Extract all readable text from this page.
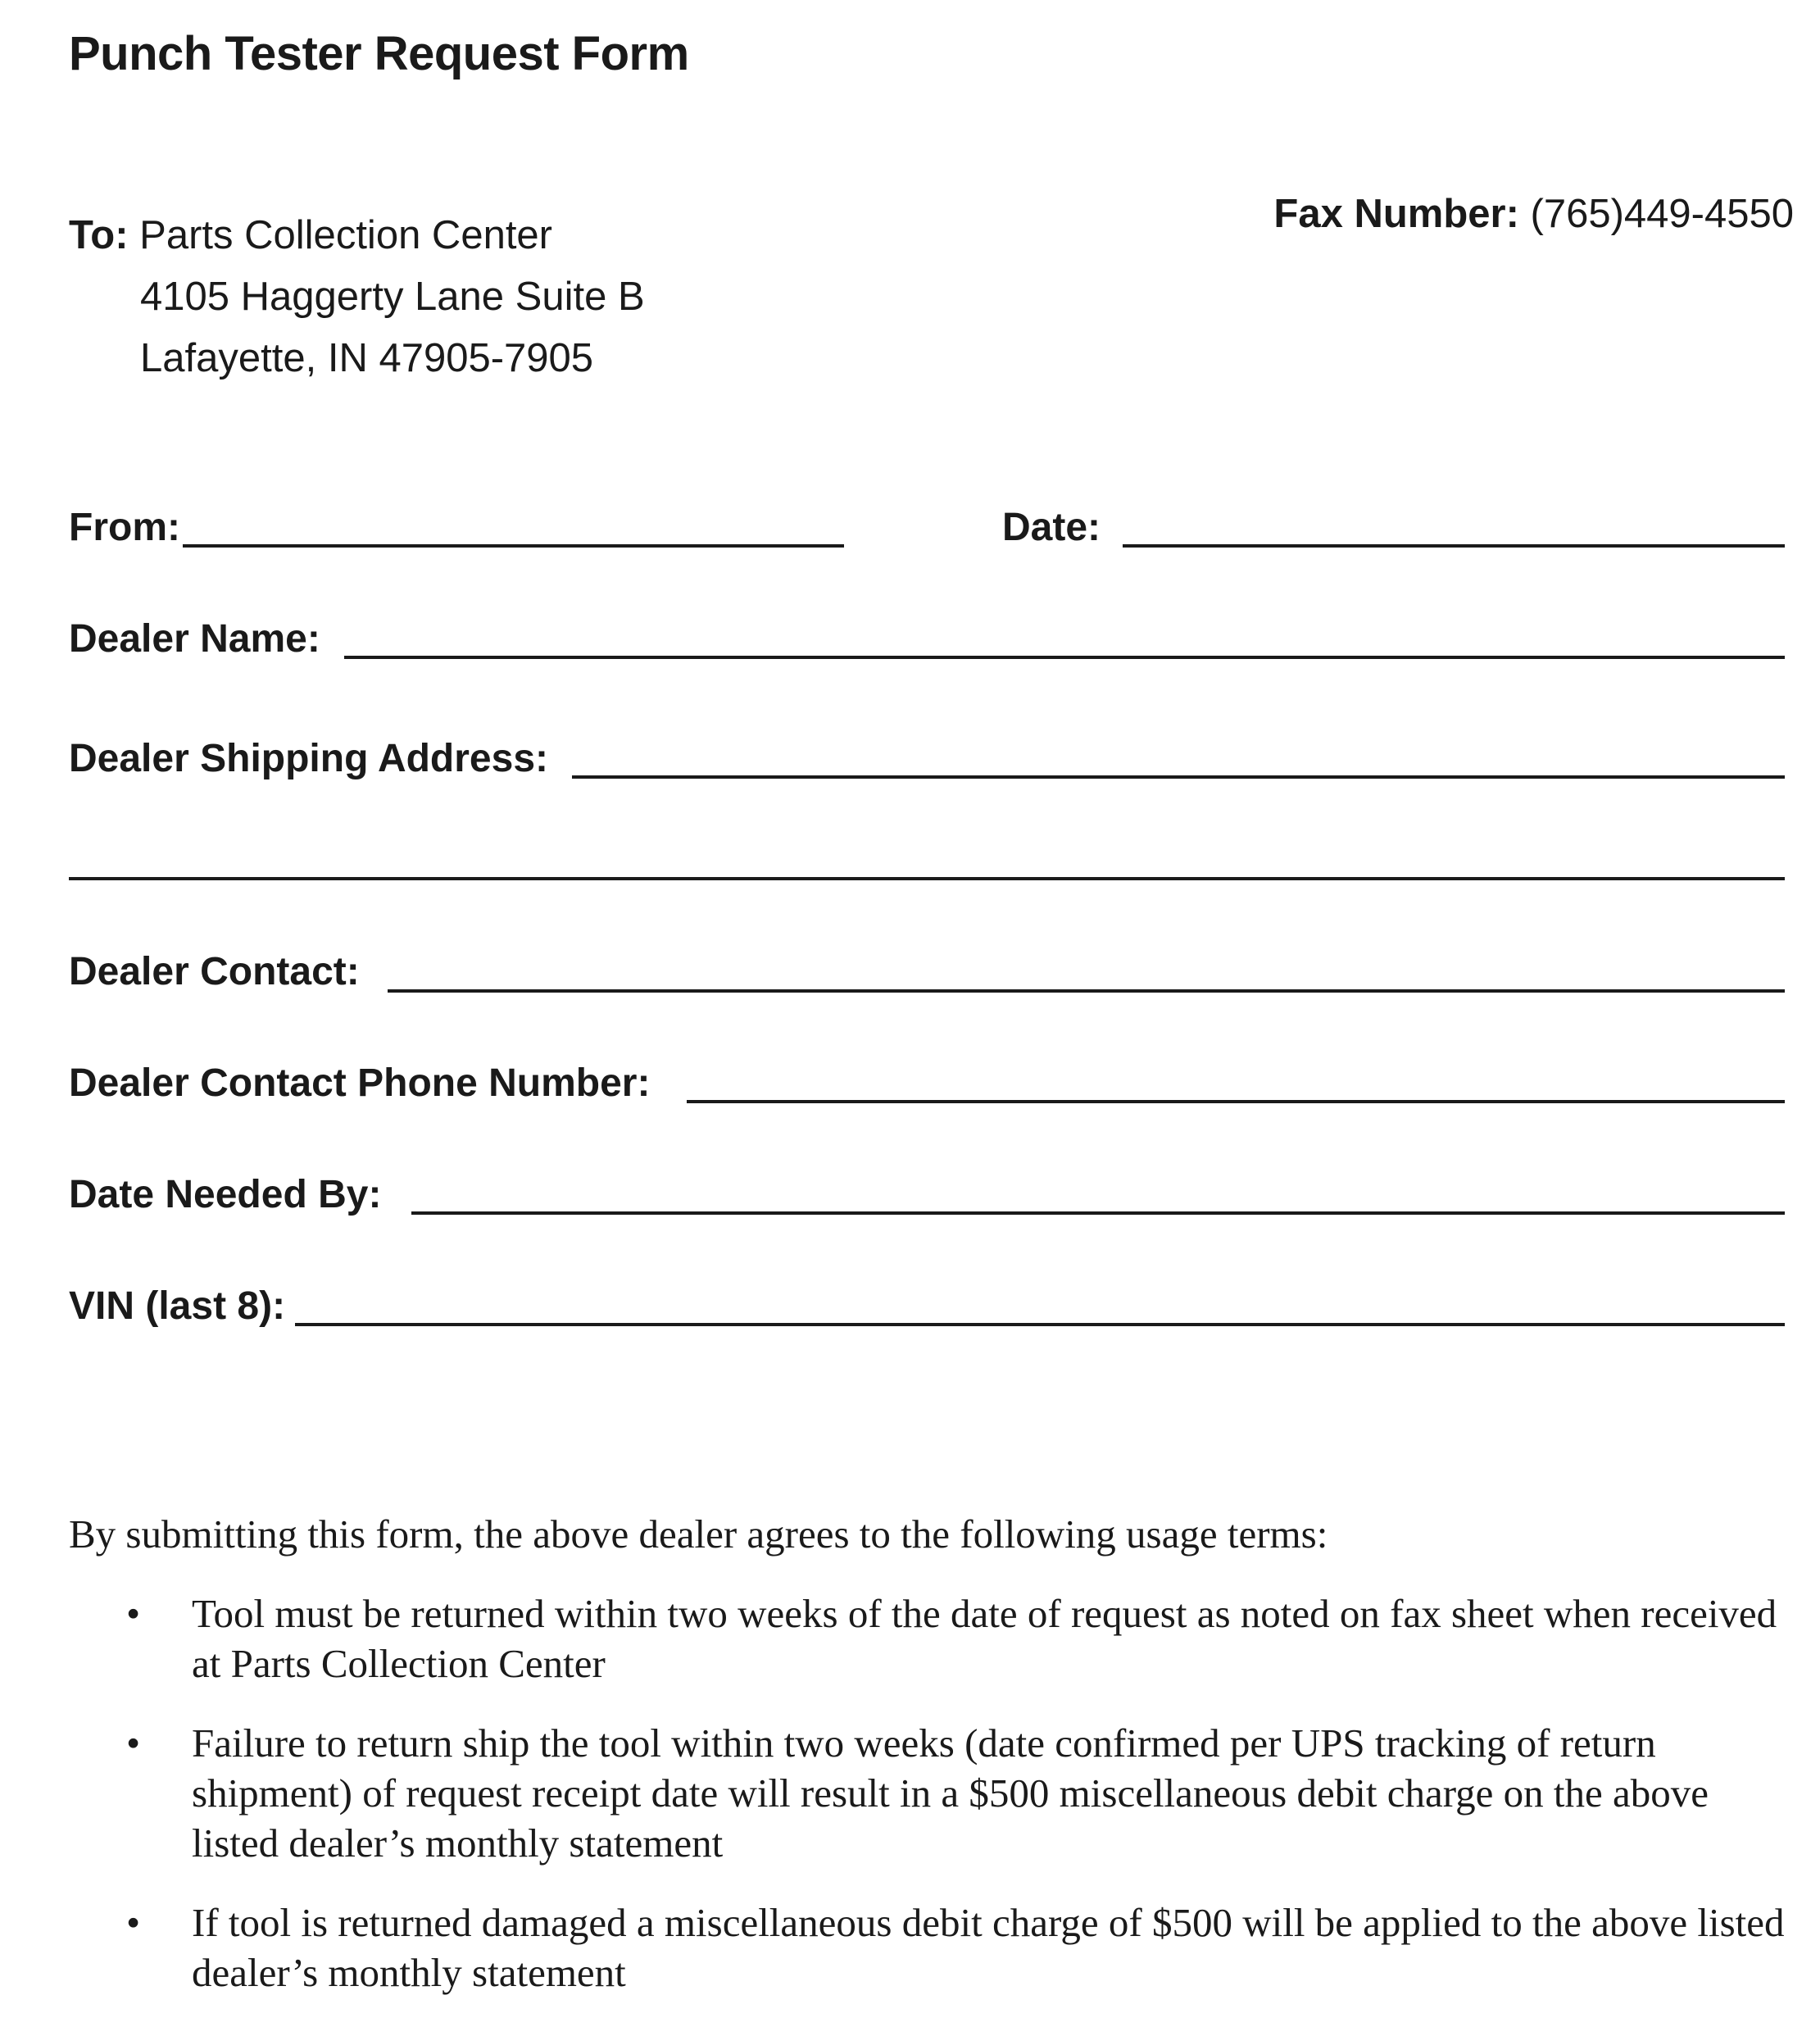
Punch Tester Request Form
To: Parts Collection Center
4105 Haggerty Lane Suite B
Lafayette, IN 47905-7905
Fax Number: (765)449-4550
From:	Date:
Dealer Name:
Dealer Shipping Address:
Dealer Contact:
Dealer Contact Phone Number:
Date Needed By:
VIN (last 8):
By submitting this form, the above dealer agrees to the following usage terms:
• Tool must be returned within two weeks of the date of request as noted on fax sheet when received at Parts Collection Center
• Failure to return ship the tool within two weeks (date confirmed per UPS tracking of return shipment) of request receipt date will result in a $500 miscellaneous debit charge on the above listed dealer’s monthly statement
• If tool is returned damaged a miscellaneous debit charge of $500 will be applied to the above listed dealer’s monthly statement
